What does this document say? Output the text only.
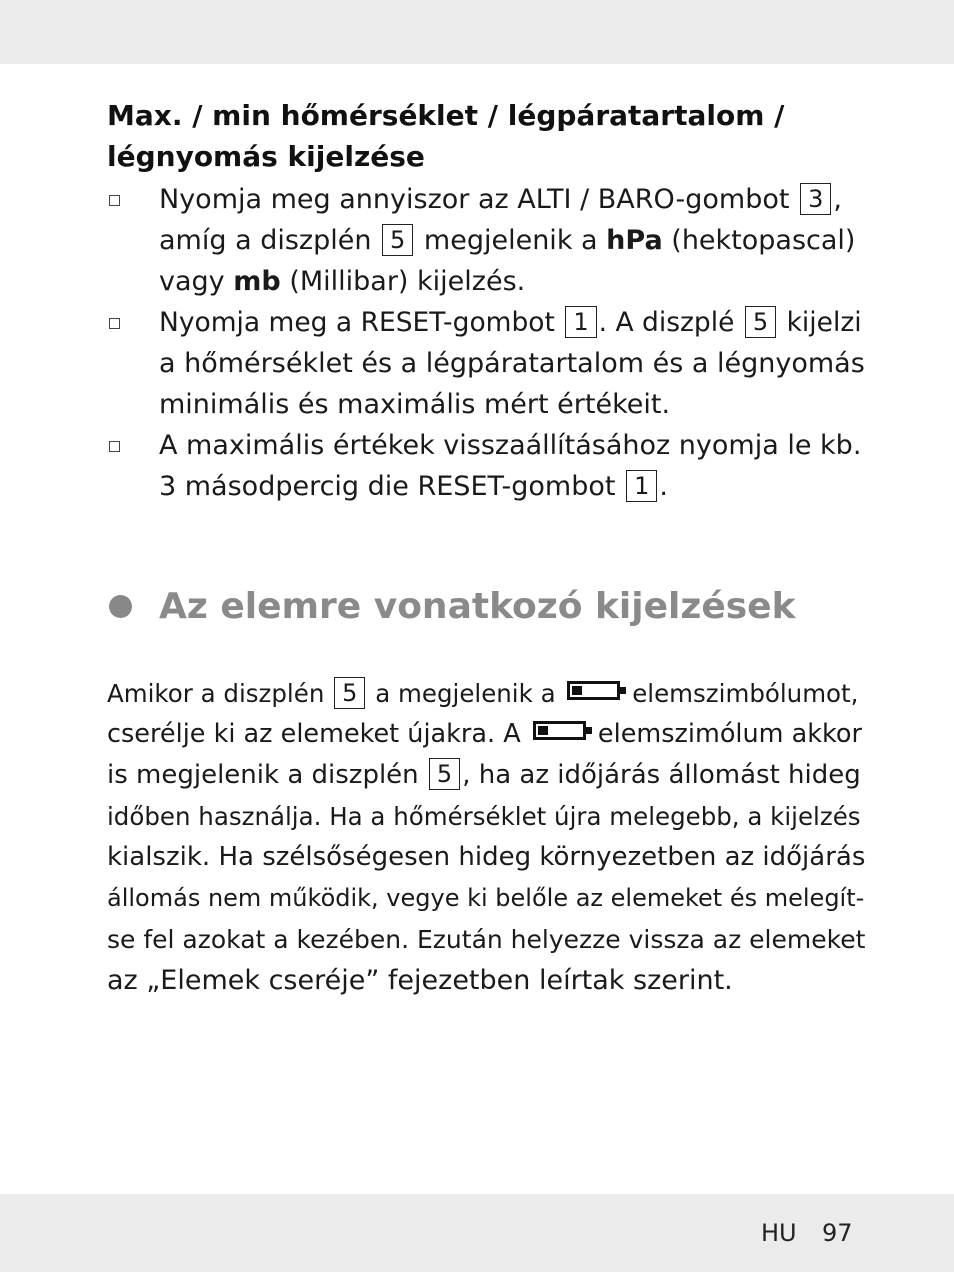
Max. / min hőmérséklet / légpáratartalom /
légnyomás kijelzése
Nyomja meg annyiszor az ALTI / BARO-gombot 3 ,
amíg a diszplén 5 megjelenik a hPa (hektopascal)
vagy mb (Millibar) kijelzés.
Nyomja meg a RESET-gombot 1 . A diszplé 5 kijelzi
a hőmérséklet és a légpáratartalom és a légnyomás
minimális és maximális mért értékeit.
A maximális értékek visszaállításához nyomja le kb.
3 másodpercig die RESET-gombot 1 .
Az elemre vonatkozó kijelzések
Amikor a diszplén 5 a megjelenik a	elemszimbólumot,
cserélje ki az elemeket újakra. A	elemszimólum akkor
is megjelenik a diszplén 5 , ha az időjárás állomást hideg
időben használja. Ha a hőmérséklet újra melegebb, a kijelzés
kialszik. Ha szélsőségesen hideg környezetben az időjárás
állomás nem működik, vegye ki belőle az elemeket és melegít-
se fel azokat a kezében. Ezután helyezze vissza az elemeket
az „Elemek cseréje” fejezetben leírtak szerint.
HU 97
